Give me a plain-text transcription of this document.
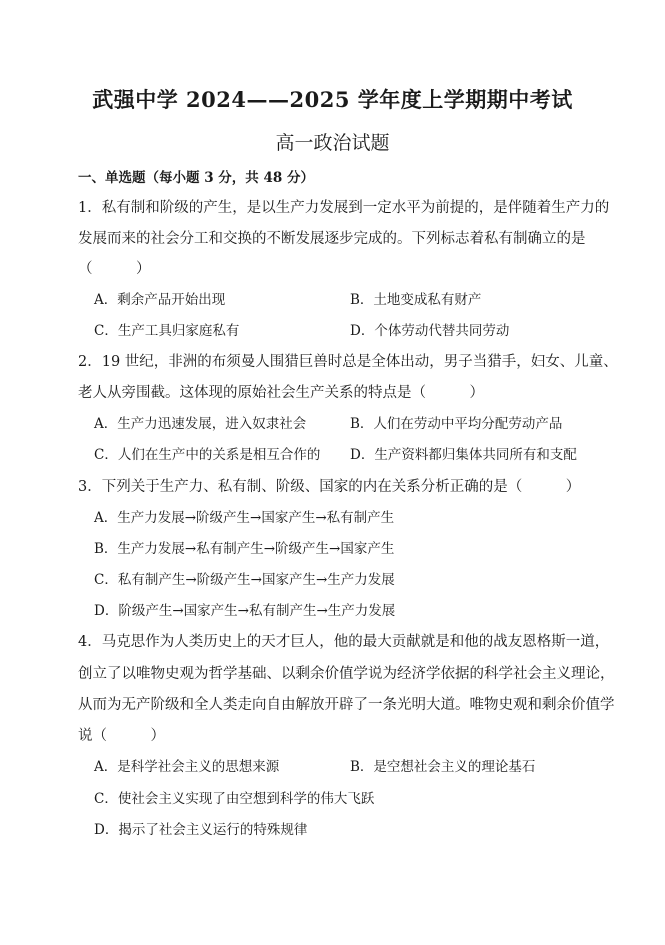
武强中学 2024——2025 学年度上学期期中考试
高一政治试题
一、单选题（每小题 3 分，共 48 分）
1．私有制和阶级的产生，是以生产力发展到一定水平为前提的，是伴随着生产力的
发展而来的社会分工和交换的不断发展逐步完成的。下列标志着私有制确立的是
（　　　）
A．剩余产品开始出现	B．土地变成私有财产
C．生产工具归家庭私有	D．个体劳动代替共同劳动
2．19 世纪，非洲的布须曼人围猎巨兽时总是全体出动，男子当猎手，妇女、儿童、
老人从旁围截。这体现的原始社会生产关系的特点是（　　　）
A．生产力迅速发展，进入奴隶社会	B．人们在劳动中平均分配劳动产品
C．人们在生产中的关系是相互合作的 D．生产资料都归集体共同所有和支配
3．下列关于生产力、私有制、阶级、国家的内在关系分析正确的是（　　　）
A．生产力发展→阶级产生→国家产生→私有制产生
B．生产力发展→私有制产生→阶级产生→国家产生
C．私有制产生→阶级产生→国家产生→生产力发展
D．阶级产生→国家产生→私有制产生→生产力发展
4．马克思作为人类历史上的天才巨人，他的最大贡献就是和他的战友恩格斯一道，
创立了以唯物史观为哲学基础、以剩余价值学说为经济学依据的科学社会主义理论，
从而为无产阶级和全人类走向自由解放开辟了一条光明大道。唯物史观和剩余价值学
说（　　　）
A．是科学社会主义的思想来源	B．是空想社会主义的理论基石
C．使社会主义实现了由空想到科学的伟大飞跃
D．揭示了社会主义运行的特殊规律
